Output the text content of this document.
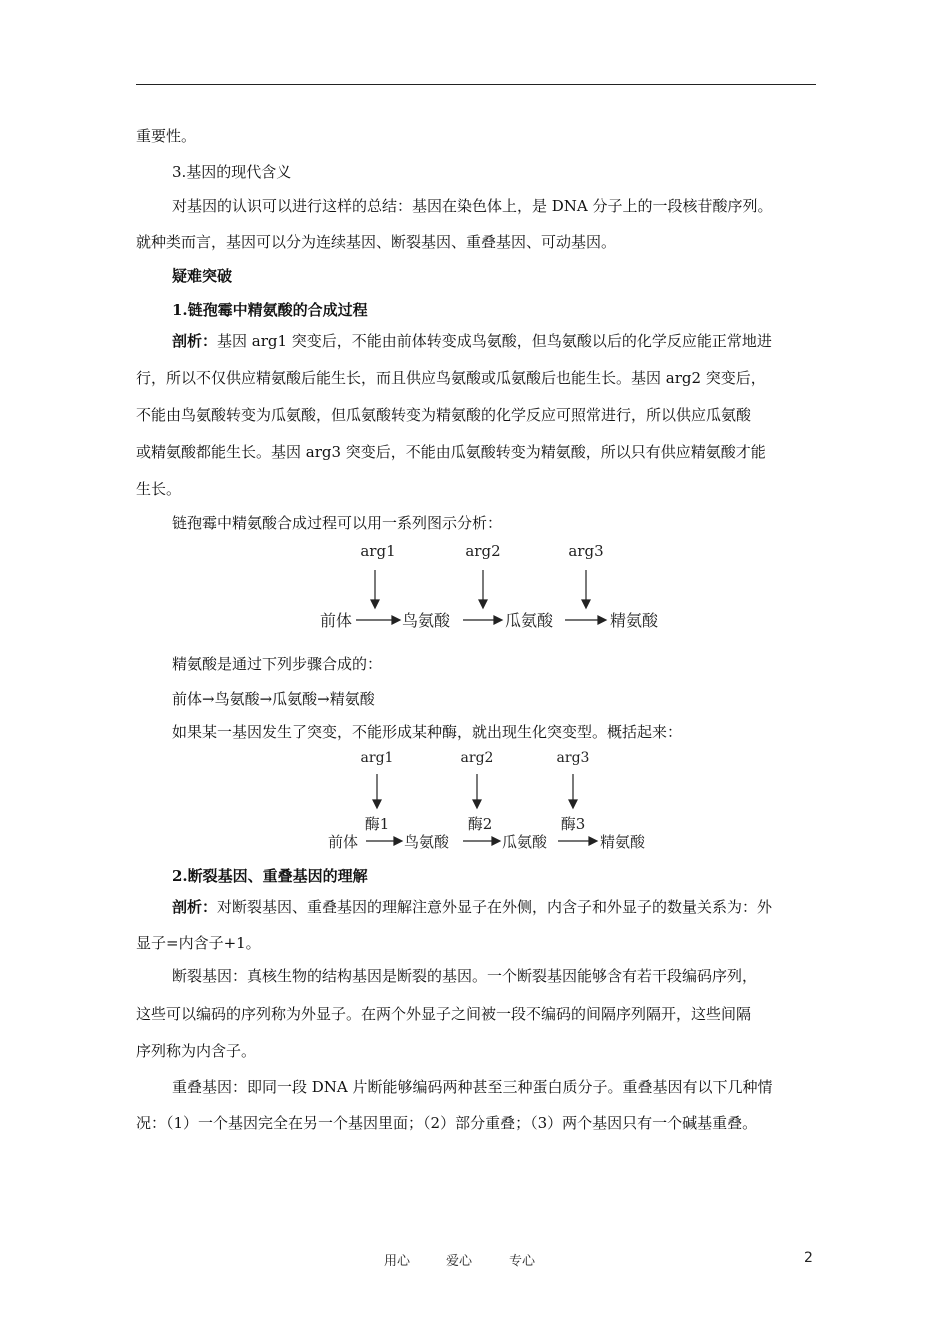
重要性。

3.基因的现代含义

对基因的认识可以进行这样的总结：基因在染色体上，是 DNA 分子上的一段核苷酸序列。

就种类而言，基因可以分为连续基因、断裂基因、重叠基因、可动基因。

疑难突破

1.链孢霉中精氨酸的合成过程

剖析：基因 arg1 突变后，不能由前体转变成鸟氨酸，但鸟氨酸以后的化学反应能正常地进

行，所以不仅供应精氨酸后能生长，而且供应鸟氨酸或瓜氨酸后也能生长。基因 arg2 突变后，

不能由鸟氨酸转变为瓜氨酸，但瓜氨酸转变为精氨酸的化学反应可照常进行，所以供应瓜氨酸

或精氨酸都能生长。基因 arg3 突变后，不能由瓜氨酸转变为精氨酸，所以只有供应精氨酸才能

生长。

链孢霉中精氨酸合成过程可以用一系列图示分析：

arg1	arg2	arg3
前体	鸟氨酸	瓜氨酸	精氨酸

精氨酸是通过下列步骤合成的：

前体→鸟氨酸→瓜氨酸→精氨酸

如果某一基因发生了突变，不能形成某种酶，就出现生化突变型。概括起来：

arg1	arg2	arg3
酶1	酶2	酶3
前体	鸟氨酸	瓜氨酸	精氨酸

2.断裂基因、重叠基因的理解

剖析：对断裂基因、重叠基因的理解注意外显子在外侧，内含子和外显子的数量关系为：外

显子=内含子+1。

断裂基因：真核生物的结构基因是断裂的基因。一个断裂基因能够含有若干段编码序列，

这些可以编码的序列称为外显子。在两个外显子之间被一段不编码的间隔序列隔开，这些间隔

序列称为内含子。

重叠基因：即同一段 DNA 片断能够编码两种甚至三种蛋白质分子。重叠基因有以下几种情

况：（1）一个基因完全在另一个基因里面；（2）部分重叠；（3）两个基因只有一个碱基重叠。

用心	爱心	专心	2
